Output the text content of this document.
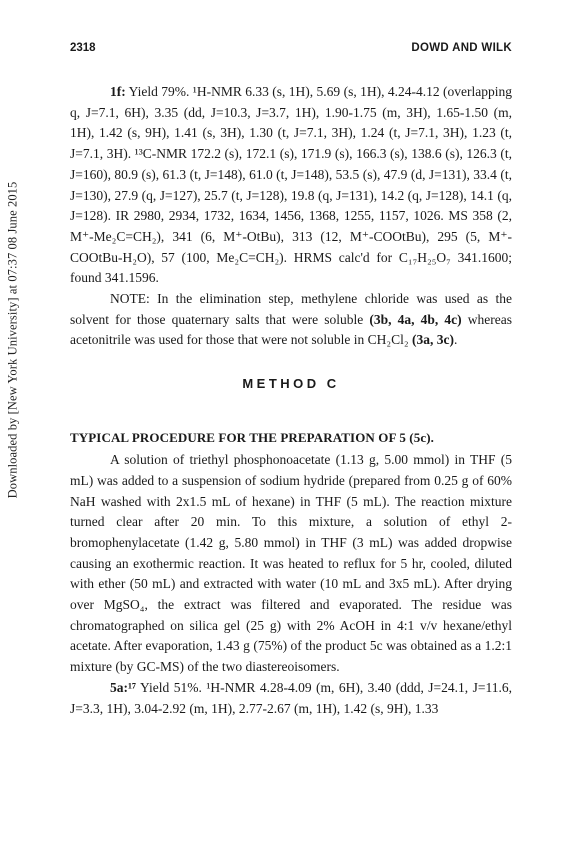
Downloaded by [New York University] at 07:37 08 June 2015
2318	DOWD AND WILK

1f: Yield 79%. ¹H-NMR 6.33 (s, 1H), 5.69 (s, 1H), 4.24-4.12 (overlapping q, J=7.1, 6H), 3.35 (dd, J=10.3, J=3.7, 1H), 1.90-1.75 (m, 3H), 1.65-1.50 (m, 1H), 1.42 (s, 9H), 1.41 (s, 3H), 1.30 (t, J=7.1, 3H), 1.24 (t, J=7.1, 3H), 1.23 (t, J=7.1, 3H). ¹³C-NMR 172.2 (s), 172.1 (s), 171.9 (s), 166.3 (s), 138.6 (s), 126.3 (t, J=160), 80.9 (s), 61.3 (t, J=148), 61.0 (t, J=148), 53.5 (s), 47.9 (d, J=131), 33.4 (t, J=130), 27.9 (q, J=127), 25.7 (t, J=128), 19.8 (q, J=131), 14.2 (q, J=128), 14.1 (q, J=128). IR 2980, 2934, 1732, 1634, 1456, 1368, 1255, 1157, 1026. MS 358 (2, M⁺-Me₂C=CH₂), 341 (6, M⁺-OtBu), 313 (12, M⁺-COOtBu), 295 (5, M⁺-COOtBu-H₂O), 57 (100, Me₂C=CH₂). HRMS calc'd for C₁₇H₂₅O₇ 341.1600; found 341.1596.

NOTE: In the elimination step, methylene chloride was used as the solvent for those quaternary salts that were soluble (3b, 4a, 4b, 4c) whereas acetonitrile was used for those that were not soluble in CH₂Cl₂ (3a, 3c).

METHOD C
TYPICAL PROCEDURE FOR THE PREPARATION OF 5 (5c).

A solution of triethyl phosphonoacetate (1.13 g, 5.00 mmol) in THF (5 mL) was added to a suspension of sodium hydride (prepared from 0.25 g of 60% NaH washed with 2x1.5 mL of hexane) in THF (5 mL). The reaction mixture turned clear after 20 min. To this mixture, a solution of ethyl 2-bromophenylacetate (1.42 g, 5.80 mmol) in THF (3 mL) was added dropwise causing an exothermic reaction. It was heated to reflux for 5 hr, cooled, diluted with ether (50 mL) and extracted with water (10 mL and 3x5 mL). After drying over MgSO₄, the extract was filtered and evaporated. The residue was chromatographed on silica gel (25 g) with 2% AcOH in 4:1 v/v hexane/ethyl acetate. After evaporation, 1.43 g (75%) of the product 5c was obtained as a 1.2:1 mixture (by GC-MS) of the two diastereoisomers.

5a:¹⁷ Yield 51%. ¹H-NMR 4.28-4.09 (m, 6H), 3.40 (ddd, J=24.1, J=11.6, J=3.3, 1H), 3.04-2.92 (m, 1H), 2.77-2.67 (m, 1H), 1.42 (s, 9H), 1.33
